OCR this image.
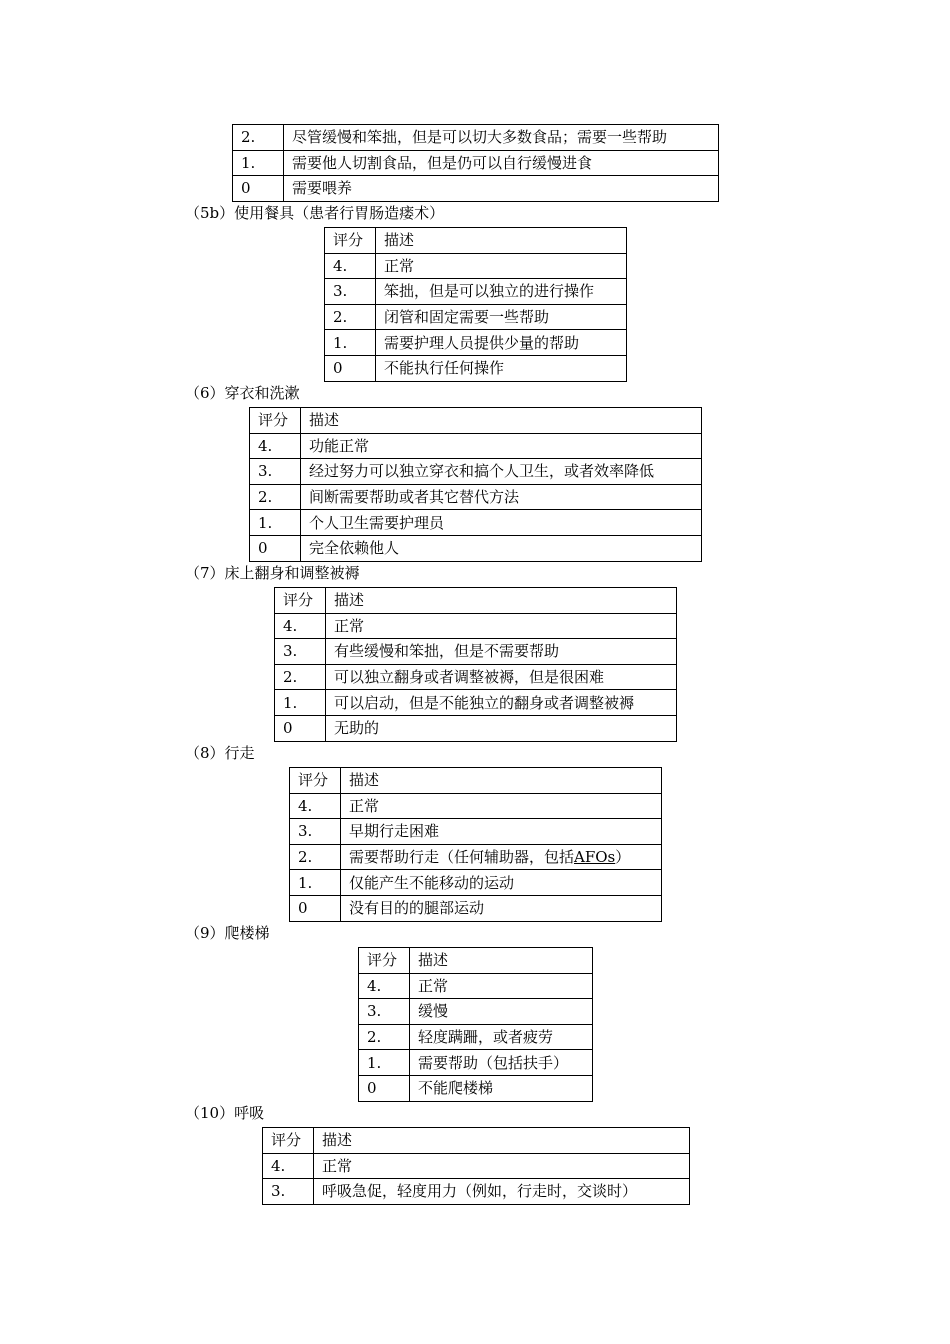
2.	尽管缓慢和笨拙，但是可以切大多数食品；需要一些帮助
1.	需要他人切割食品，但是仍可以自行缓慢进食
0	需要喂养
（5b）使用餐具（患者行胃肠造瘘术）
评分	描述
4.	正常
3.	笨拙，但是可以独立的进行操作
2.	闭管和固定需要一些帮助
1.	需要护理人员提供少量的帮助
0	不能执行任何操作
（6）穿衣和洗漱
评分	描述
4.	功能正常
3.	经过努力可以独立穿衣和搞个人卫生，或者效率降低
2.	间断需要帮助或者其它替代方法
1.	个人卫生需要护理员
0	完全依赖他人
（7）床上翻身和调整被褥
评分	描述
4.	正常
3.	有些缓慢和笨拙，但是不需要帮助
2.	可以独立翻身或者调整被褥，但是很困难
1.	可以启动，但是不能独立的翻身或者调整被褥
0	无助的
（8）行走
评分	描述
4.	正常
3.	早期行走困难
2.	需要帮助行走（任何辅助器，包括AFOs）
1.	仅能产生不能移动的运动
0	没有目的的腿部运动
（9）爬楼梯
评分	描述
4.	正常
3.	缓慢
2.	轻度蹒跚，或者疲劳
1.	需要帮助（包括扶手）
0	不能爬楼梯
（10）呼吸
评分	描述
4.	正常
3.	呼吸急促，轻度用力（例如，行走时，交谈时）
